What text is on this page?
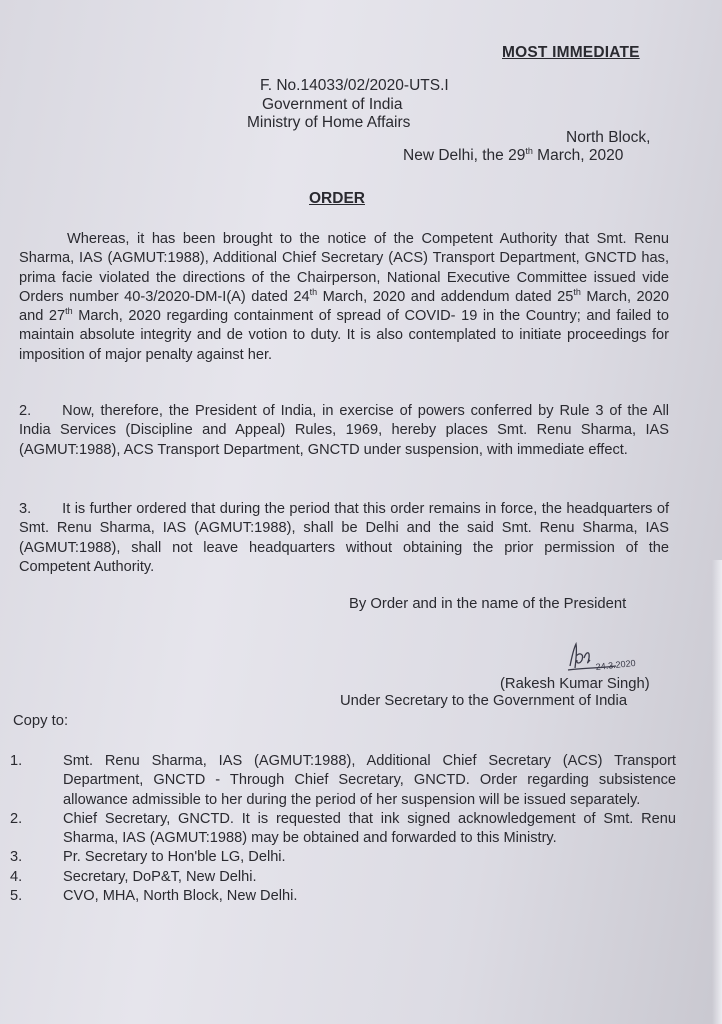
MOST IMMEDIATE
F. No.14033/02/2020-UTS.I
Government of India
Ministry of Home Affairs
North Block,
New Delhi, the 29th March, 2020
ORDER
Whereas, it has been brought to the notice of the Competent Authority that Smt. Renu Sharma, IAS (AGMUT:1988), Additional Chief Secretary (ACS) Transport Department, GNCTD has, prima facie violated the directions of the Chairperson, National Executive Committee issued vide Orders number 40-3/2020-DM-I(A) dated 24th March, 2020 and addendum dated 25th March, 2020 and 27th March, 2020 regarding containment of spread of COVID- 19 in the Country; and failed to maintain absolute integrity and de votion to duty. It is also contemplated to initiate proceedings for imposition of major penalty against her.
2. Now, therefore, the President of India, in exercise of powers conferred by Rule 3 of the All India Services (Discipline and Appeal) Rules, 1969, hereby places Smt. Renu Sharma, IAS (AGMUT:1988), ACS Transport Department, GNCTD under suspension, with immediate effect.
3. It is further ordered that during the period that this order remains in force, the headquarters of Smt. Renu Sharma, IAS (AGMUT:1988), shall be Delhi and the said Smt. Renu Sharma, IAS (AGMUT:1988), shall not leave headquarters without obtaining the prior permission of the Competent Authority.
By Order and in the name of the President
24.3.2020
(Rakesh Kumar Singh)
Under Secretary to the Government of India
Copy to:
1.	Smt. Renu Sharma, IAS (AGMUT:1988), Additional Chief Secretary (ACS) Transport Department, GNCTD - Through Chief Secretary, GNCTD. Order regarding subsistence allowance admissible to her during the period of her suspension will be issued separately.
2.	Chief Secretary, GNCTD. It is requested that ink signed acknowledgement of Smt. Renu Sharma, IAS (AGMUT:1988) may be obtained and forwarded to this Ministry.
3.	Pr. Secretary to Hon'ble LG, Delhi.
4.	Secretary, DoP&T, New Delhi.
5.	CVO, MHA, North Block, New Delhi.
